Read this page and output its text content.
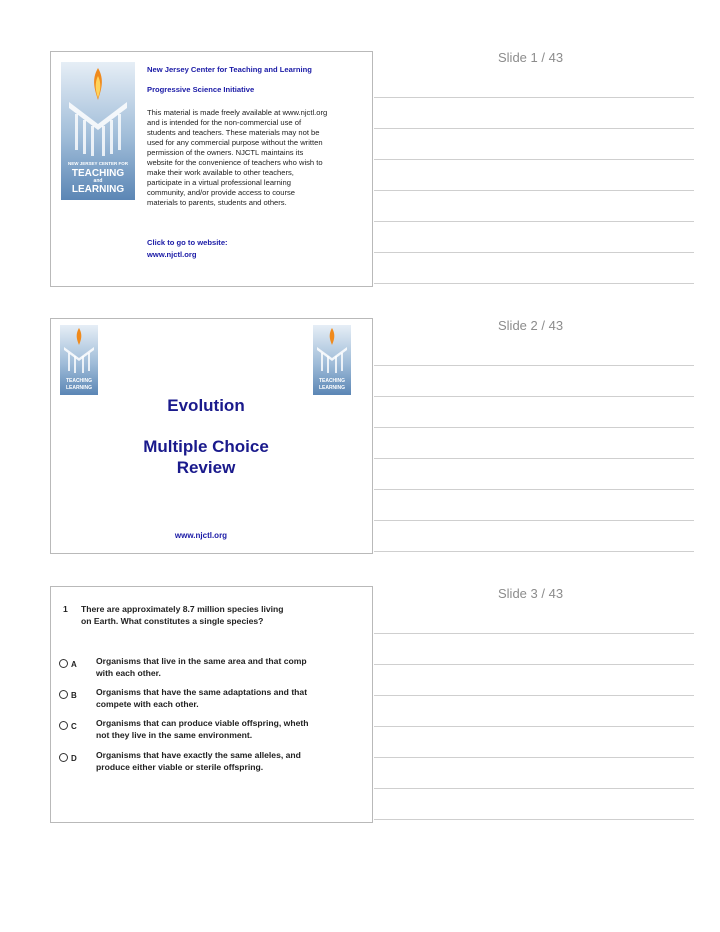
Slide 1 / 43
NEW JERSEY CENTER FOR
TEACHING
and
LEARNING
New Jersey Center for Teaching and Learning
Progressive Science Initiative
This material is made freely available at www.njctl.org
and is intended for the non-commercial use of
students and teachers. These materials may not be
used for any commercial purpose without the written
permission of the owners. NJCTL maintains its
website for the convenience of teachers who wish to
make their work available to other teachers,
participate in a virtual professional learning
community, and/or provide access to course
materials to parents, students and others.
Click to go to website:
www.njctl.org
Slide 2 / 43
TEACHING
LEARNING
TEACHING
LEARNING
Evolution
Multiple Choice
Review
www.njctl.org
Slide 3 / 43
1 There are approximately 8.7 million species living
on Earth. What constitutes a single species?
A Organisms that live in the same area and that comp
with each other.
B Organisms that have the same adaptations and that
compete with each other.
C Organisms that can produce viable offspring, wheth
not they live in the same environment.
D Organisms that have exactly the same alleles, and
produce either viable or sterile offspring.
